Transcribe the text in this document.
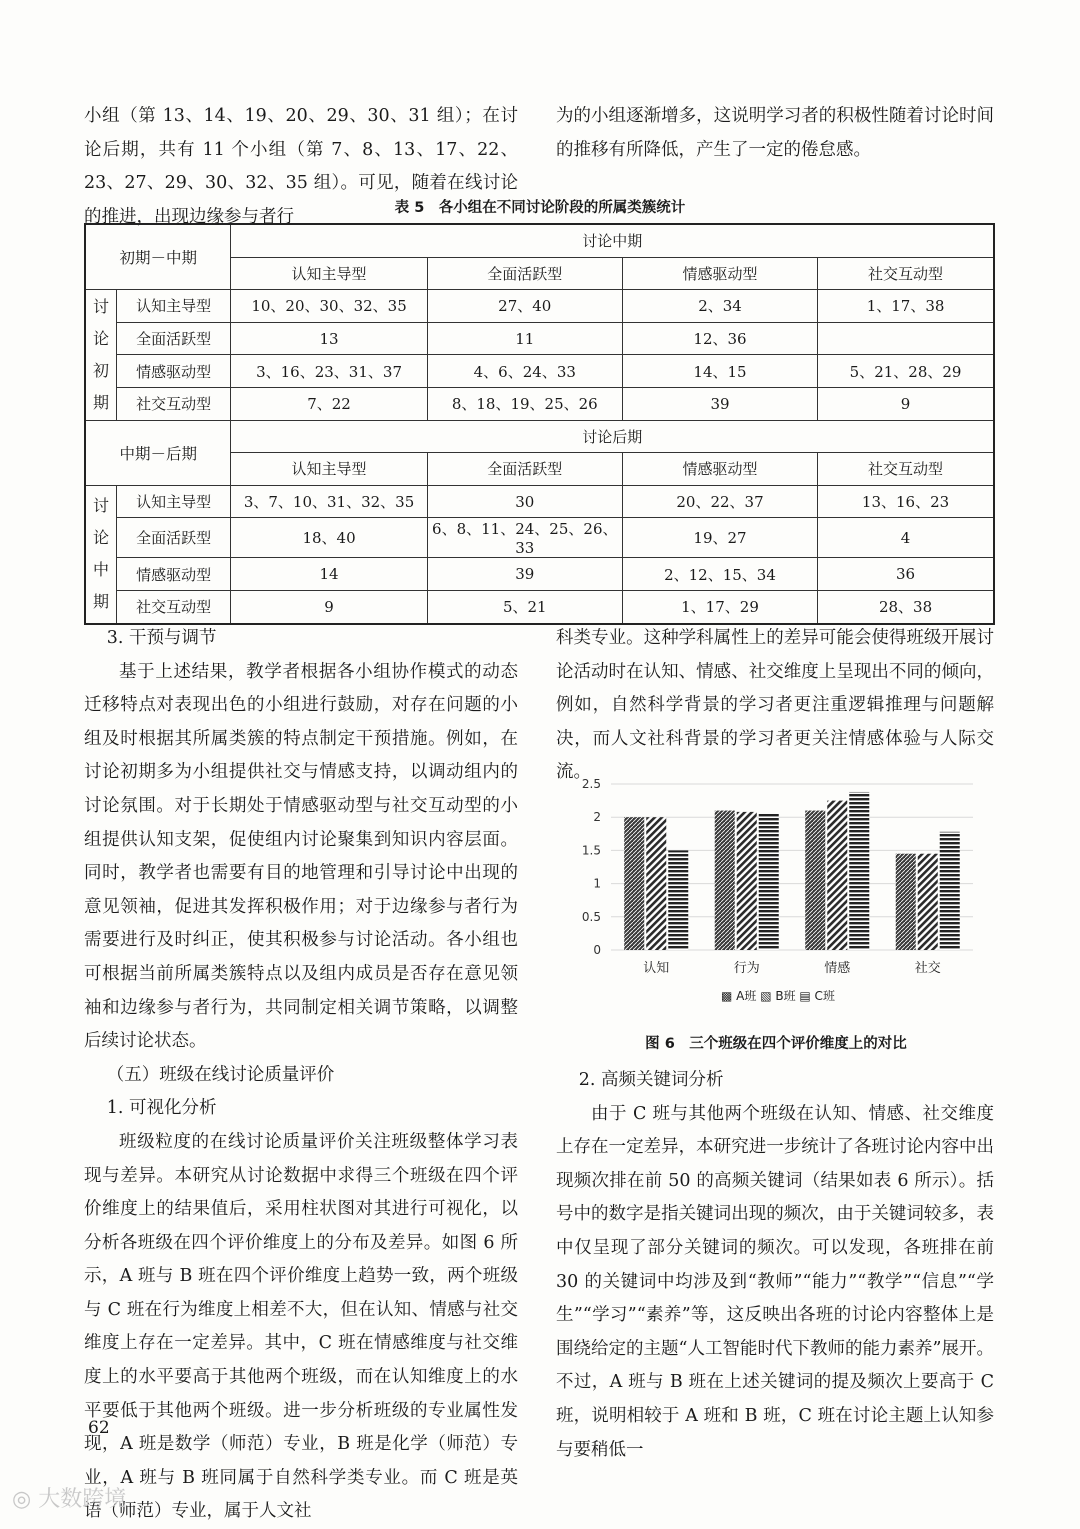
小组（第 13、14、19、20、29、30、31 组）；在讨论后期，共有 11 个小组（第 7、8、13、17、22、23、27、29、30、32、35 组）。可见，随着在线讨论的推进，出现边缘参与者行

为的小组逐渐增多，这说明学习者的积极性随着讨论时间的推移有所降低，产生了一定的倦怠感。

表 5　各小组在不同讨论阶段的所属类簇统计
初期－中期		讨论中期			
		认知主导型	全面活跃型	情感驱动型	社交互动型

讨论初期	认知主导型	10、20、30、32、35	27、40	2、34	1、17、38
	全面活跃型	13	11	12、36	
	情感驱动型	3、16、23、31、37	4、6、24、33	14、15	5、21、28、29
	社交互动型	7、22	8、18、19、25、26	39	9
中期－后期		讨论后期			
		认知主导型	全面活跃型	情感驱动型	社交互动型

讨论中期	认知主导型	3、7、10、31、32、35	30	20、22、37	13、16、23
	全面活跃型	18、40	6、8、11、24、25、26、33	19、27	4
	情感驱动型	14	39	2、12、15、34	36
	社交互动型	9	5、21	1、17、29	28、38

3. 干预与调节

基于上述结果，教学者根据各小组协作模式的动态迁移特点对表现出色的小组进行鼓励，对存在问题的小组及时根据其所属类簇的特点制定干预措施。例如，在讨论初期多为小组提供社交与情感支持，以调动组内的讨论氛围。对于长期处于情感驱动型与社交互动型的小组提供认知支架，促使组内讨论聚集到知识内容层面。同时，教学者也需要有目的地管理和引导讨论中出现的意见领袖，促进其发挥积极作用；对于边缘参与者行为需要进行及时纠正，使其积极参与讨论活动。各小组也可根据当前所属类簇特点以及组内成员是否存在意见领袖和边缘参与者行为，共同制定相关调节策略，以调整后续讨论状态。

（五）班级在线讨论质量评价

1. 可视化分析

班级粒度的在线讨论质量评价关注班级整体学习表现与差异。本研究从讨论数据中求得三个班级在四个评价维度上的结果值后，采用柱状图对其进行可视化，以分析各班级在四个评价维度上的分布及差异。如图 6 所示，A 班与 B 班在四个评价维度上趋势一致，两个班级与 C 班在行为维度上相差不大，但在认知、情感与社交维度上存在一定差异。其中，C 班在情感维度与社交维度上的水平要高于其他两个班级，而在认知维度上的水平要低于其他两个班级。进一步分析班级的专业属性发现，A 班是数学（师范）专业，B 班是化学（师范）专业，A 班与 B 班同属于自然科学类专业。而 C 班是英语（师范）专业，属于人文社

科类专业。这种学科属性上的差异可能会使得班级开展讨论活动时在认知、情感、社交维度上呈现出不同的倾向，例如，自然科学背景的学习者更注重逻辑推理与问题解决，而人文社科背景的学习者更关注情感体验与人际交流。

0
0.5
1
1.5
2
2.5
认知	行为	情感	社交
▩ A班 ▧ B班 ▤ C班
图 6　三个班级在四个评价维度上的对比

2. 高频关键词分析

由于 C 班与其他两个班级在认知、情感、社交维度上存在一定差异，本研究进一步统计了各班讨论内容中出现频次排在前 50 的高频关键词（结果如表 6 所示）。括号中的数字是指关键词出现的频次，由于关键词较多，表中仅呈现了部分关键词的频次。可以发现，各班排在前 30 的关键词中均涉及到“教师”“能力”“教学”“信息”“学生”“学习”“素养”等，这反映出各班的讨论内容整体上是围绕给定的主题“人工智能时代下教师的能力素养”展开。不过，A 班与 B 班在上述关键词的提及频次上要高于 C 班，说明相较于 A 班和 B 班，C 班在讨论主题上认知参与要稍低一

62
◎ 大数跨境
